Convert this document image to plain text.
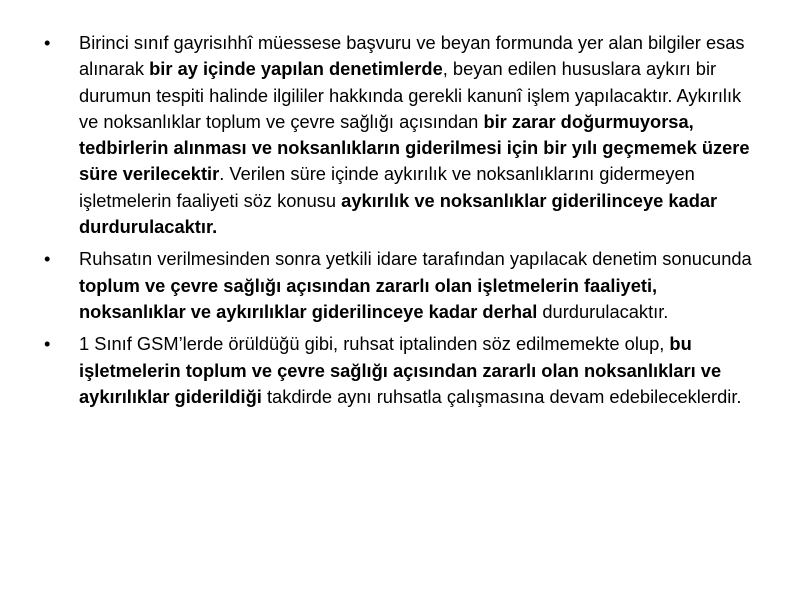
• Birinci sınıf gayrisıhhî müessese başvuru ve beyan formunda yer alan bilgiler esas alınarak bir ay içinde yapılan denetimlerde, beyan edilen hususlara aykırı bir durumun tespiti halinde ilgililer hakkında gerekli kanunî işlem yapılacaktır. Aykırılık ve noksanlıklar toplum ve çevre sağlığı açısından bir zarar doğurmuyorsa, tedbirlerin alınması ve noksanlıkların giderilmesi için bir yılı geçmemek üzere süre verilecektir. Verilen süre içinde aykırılık ve noksanlıklarını gidermeyen işletmelerin faaliyeti söz konusu aykırılık ve noksanlıklar giderilinceye kadar durdurulacaktır.
• Ruhsatın verilmesinden sonra yetkili idare tarafından yapılacak denetim sonucunda toplum ve çevre sağlığı açısından zararlı olan işletmelerin faaliyeti, noksanlıklar ve aykırılıklar giderilinceye kadar derhal durdurulacaktır.
• 1 Sınıf GSM’lerde örüldüğü gibi, ruhsat iptalinden söz edilmemekte olup, bu işletmelerin toplum ve çevre sağlığı açısından zararlı olan noksanlıkları ve aykırılıklar giderildiği takdirde aynı ruhsatla çalışmasına devam edebileceklerdir.
